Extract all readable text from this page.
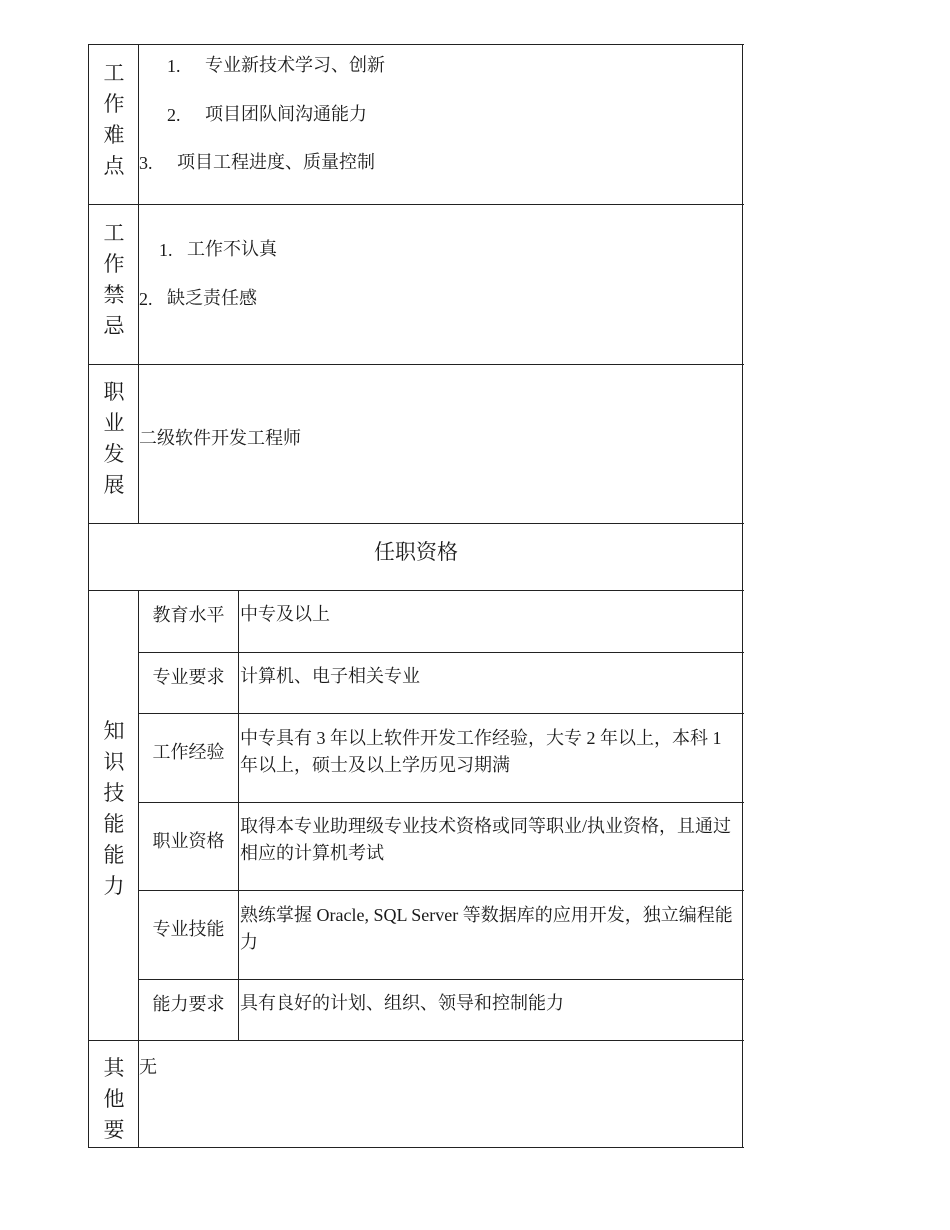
工
作
难
点
1. 专业新技术学习、创新
2. 项目团队间沟通能力
3. 项目工程进度、质量控制
工
作
禁
忌
1. 工作不认真
2. 缺乏责任感
职
业
发
展
二级软件开发工程师
任职资格
知
识
技
能
能
力
教育水平 中专及以上
专业要求 计算机、电子相关专业
工作经验
中专具有 3 年以上软件开发工作经验，大专 2 年以上，本科 1 年以上，硕士及以上学历见习期满
职业资格
取得本专业助理级专业技术资格或同等职业/执业资格，且通过相应的计算机考试
专业技能
熟练掌握 Oracle, SQL Server 等数据库的应用开发，独立编程能力
能力要求 具有良好的计划、组织、领导和控制能力
其
他
要
无
